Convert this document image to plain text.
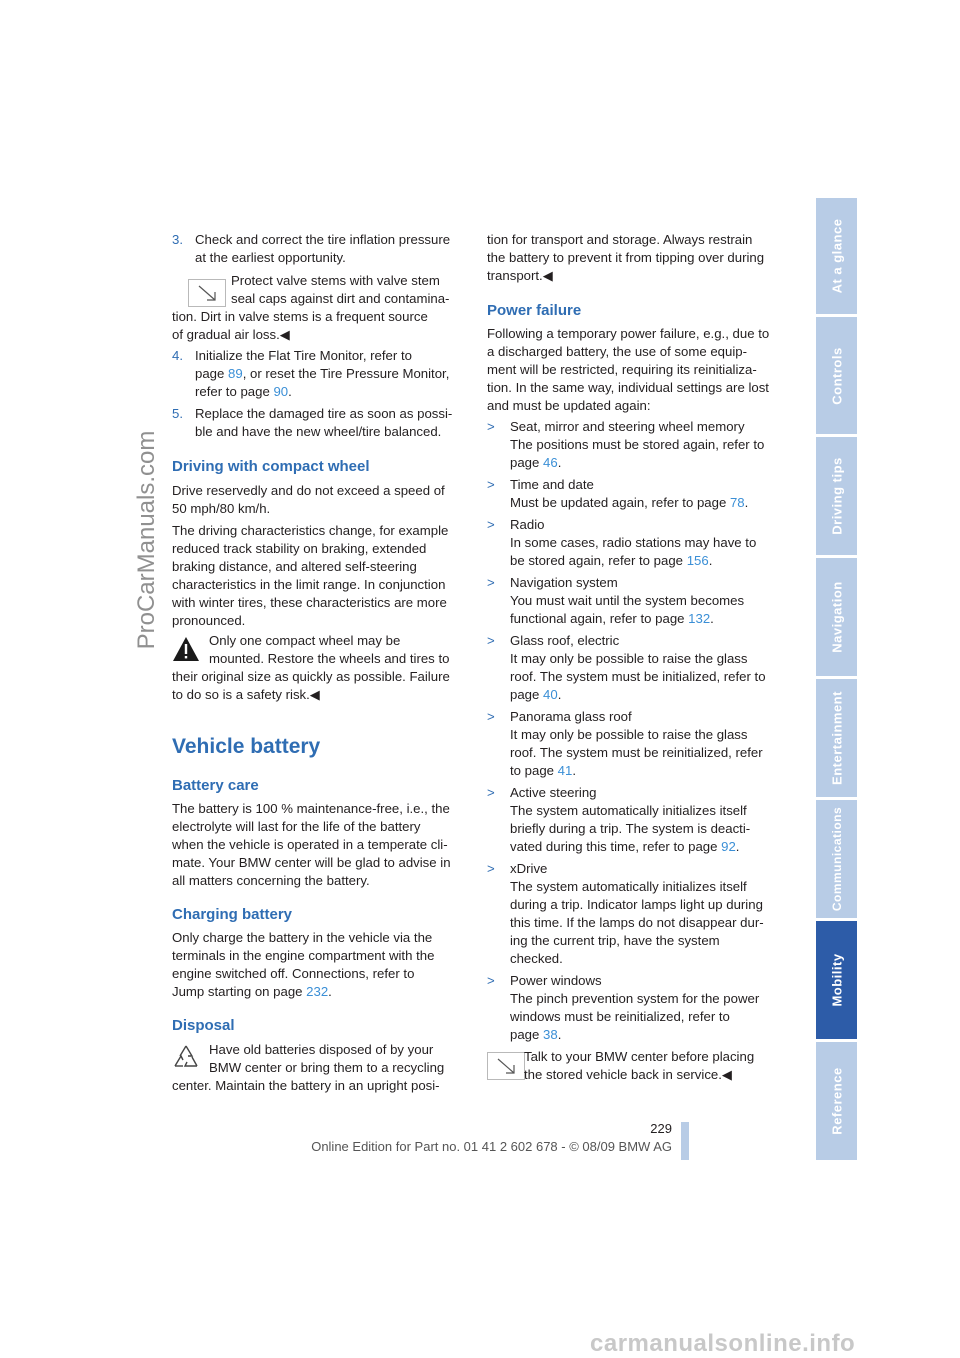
ProCarManuals.com
At a glance
Controls
Driving tips
Navigation
Entertainment
Communications
Mobility
Reference
3. Check and correct the tire inflation pressure
at the earliest opportunity.
Protect valve stems with valve stem
seal caps against dirt and contamina-
tion. Dirt in valve stems is a frequent source
of gradual air loss.◀
4. Initialize the Flat Tire Monitor, refer to
page 89, or reset the Tire Pressure Monitor,
refer to page 90.
5. Replace the damaged tire as soon as possi-
ble and have the new wheel/tire balanced.
Driving with compact wheel
Drive reservedly and do not exceed a speed of
50 mph/80 km/h.
The driving characteristics change, for example
reduced track stability on braking, extended
braking distance, and altered self-steering
characteristics in the limit range. In conjunction
with winter tires, these characteristics are more
pronounced.
Only one compact wheel may be
mounted. Restore the wheels and tires to
their original size as quickly as possible. Failure
to do so is a safety risk.◀
Vehicle battery
Battery care
The battery is 100 % maintenance-free, i.e., the
electrolyte will last for the life of the battery
when the vehicle is operated in a temperate cli-
mate. Your BMW center will be glad to advise in
all matters concerning the battery.
Charging battery
Only charge the battery in the vehicle via the
terminals in the engine compartment with the
engine switched off. Connections, refer to
Jump starting on page 232.
Disposal
Have old batteries disposed of by your
BMW center or bring them to a recycling
center. Maintain the battery in an upright posi-
tion for transport and storage. Always restrain
the battery to prevent it from tipping over during
transport.◀
Power failure
Following a temporary power failure, e.g., due to
a discharged battery, the use of some equip-
ment will be restricted, requiring its reinitializa-
tion. In the same way, individual settings are lost
and must be updated again:
> Seat, mirror and steering wheel memory
The positions must be stored again, refer to
page 46.
> Time and date
Must be updated again, refer to page 78.
> Radio
In some cases, radio stations may have to
be stored again, refer to page 156.
> Navigation system
You must wait until the system becomes
functional again, refer to page 132.
> Glass roof, electric
It may only be possible to raise the glass
roof. The system must be initialized, refer to
page 40.
> Panorama glass roof
It may only be possible to raise the glass
roof. The system must be reinitialized, refer
to page 41.
> Active steering
The system automatically initializes itself
briefly during a trip. The system is deacti-
vated during this time, refer to page 92.
> xDrive
The system automatically initializes itself
during a trip. Indicator lamps light up during
this time. If the lamps do not disappear dur-
ing the current trip, have the system
checked.
> Power windows
The pinch prevention system for the power
windows must be reinitialized, refer to
page 38.
Talk to your BMW center before placing
the stored vehicle back in service.◀
229
Online Edition for Part no. 01 41 2 602 678 - © 08/09 BMW AG
carmanualsonline.info
